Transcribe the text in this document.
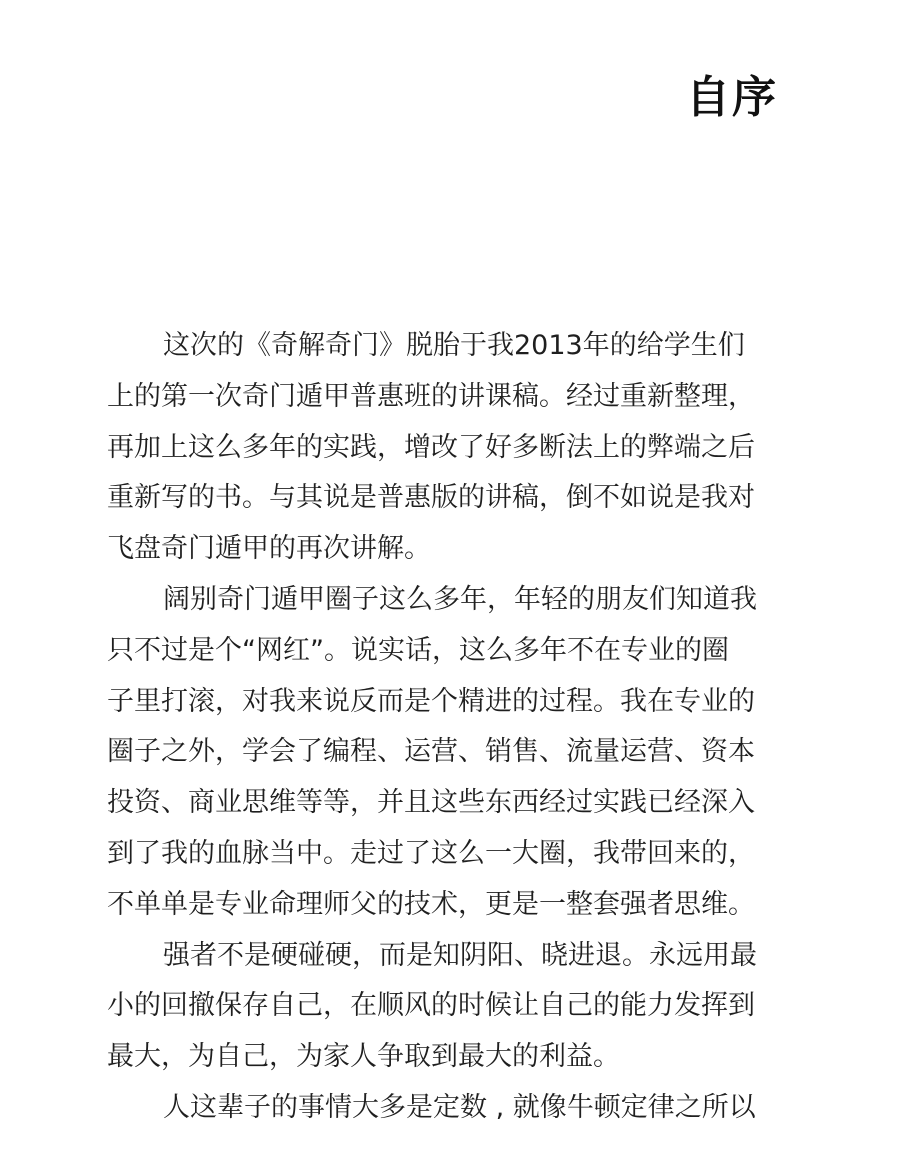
自序
这次的《奇解奇门》脱胎于我2013年的给学生们
上的第一次奇门遁甲普惠班的讲课稿。经过重新整理，
再加上这么多年的实践，增改了好多断法上的弊端之后
重新写的书。与其说是普惠版的讲稿，倒不如说是我对
飞盘奇门遁甲的再次讲解。
阔别奇门遁甲圈子这么多年，年轻的朋友们知道我
只不过是个“网红”。说实话，这么多年不在专业的圈
子里打滚，对我来说反而是个精进的过程。我在专业的
圈子之外，学会了编程、运营、销售、流量运营、资本
投资、商业思维等等，并且这些东西经过实践已经深入
到了我的血脉当中。走过了这么一大圈，我带回来的，
不单单是专业命理师父的技术，更是一整套强者思维。
强者不是硬碰硬，而是知阴阳、晓进退。永远用最
小的回撤保存自己，在顺风的时候让自己的能力发挥到
最大，为自己，为家人争取到最大的利益。
人这辈子的事情大多是定数 , 就像牛顿定律之所以
